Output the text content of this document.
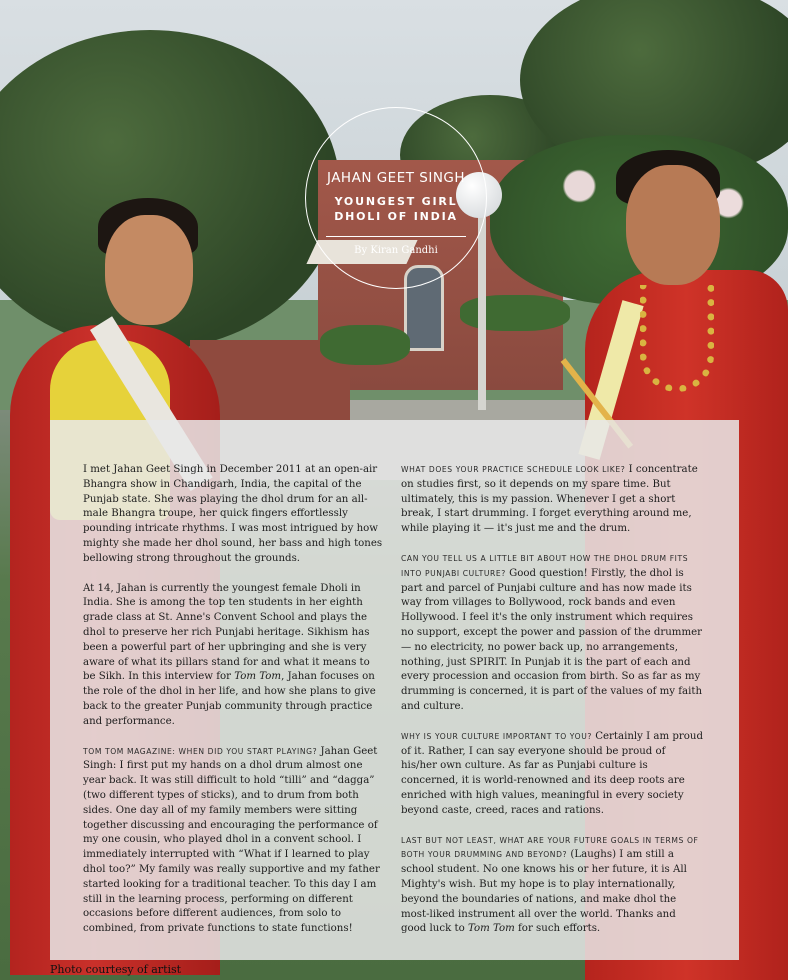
JAHAN GEET SINGH
YOUNGEST GIRL
DHOLI OF INDIA
By Kiran Gandhi

I met Jahan Geet Singh in December 2011 at an open-air Bhangra show in Chandigarh, India, the capital of the Punjab state. She was playing the dhol drum for an all-male Bhangra troupe, her quick fingers effortlessly pounding intricate rhythms. I was most intrigued by how mighty she made her dhol sound, her bass and high tones bellowing strong throughout the grounds.

At 14, Jahan is currently the youngest female Dholi in India. She is among the top ten students in her eighth grade class at St. Anne's Convent School and plays the dhol to preserve her rich Punjabi heritage. Sikhism has been a powerful part of her upbringing and she is very aware of what its pillars stand for and what it means to be Sikh. In this interview for Tom Tom, Jahan focuses on the role of the dhol in her life, and how she plans to give back to the greater Punjab community through practice and performance.

TOM TOM MAGAZINE: WHEN DID YOU START PLAYING? Jahan Geet Singh: I first put my hands on a dhol drum almost one year back. It was still difficult to hold “tilli” and “dagga” (two different types of sticks), and to drum from both sides. One day all of my family members were sitting together discussing and encouraging the performance of my one cousin, who played dhol in a convent school. I immediately interrupted with “What if I learned to play dhol too?” My family was really supportive and my father started looking for a traditional teacher. To this day I am still in the learning process, performing on different occasions before different audiences, from solo to combined, from private functions to state functions!

WHAT DOES YOUR PRACTICE SCHEDULE LOOK LIKE? I concentrate on studies first, so it depends on my spare time. But ultimately, this is my passion. Whenever I get a short break, I start drumming. I forget everything around me, while playing it — it's just me and the drum.

CAN YOU TELL US A LITTLE BIT ABOUT HOW THE DHOL DRUM FITS INTO PUNJABI CULTURE? Good question! Firstly, the dhol is part and parcel of Punjabi culture and has now made its way from villages to Bollywood, rock bands and even Hollywood. I feel it's the only instrument which requires no support, except the power and passion of the drummer — no electricity, no power back up, no arrangements, nothing, just SPIRIT. In Punjab it is the part of each and every procession and occasion from birth. So as far as my drumming is concerned, it is part of the values of my faith and culture.

WHY IS YOUR CULTURE IMPORTANT TO YOU? Certainly I am proud of it. Rather, I can say everyone should be proud of his/her own culture. As far as Punjabi culture is concerned, it is world-renowned and its deep roots are enriched with high values, meaningful in every society beyond caste, creed, races and rations.

LAST BUT NOT LEAST, WHAT ARE YOUR FUTURE GOALS IN TERMS OF BOTH YOUR DRUMMING AND BEYOND? (Laughs) I am still a school student. No one knows his or her future, it is All Mighty's wish. But my hope is to play internationally, beyond the boundaries of nations, and make dhol the most-liked instrument all over the world. Thanks and good luck to Tom Tom for such efforts.

Photo courtesy of artist
